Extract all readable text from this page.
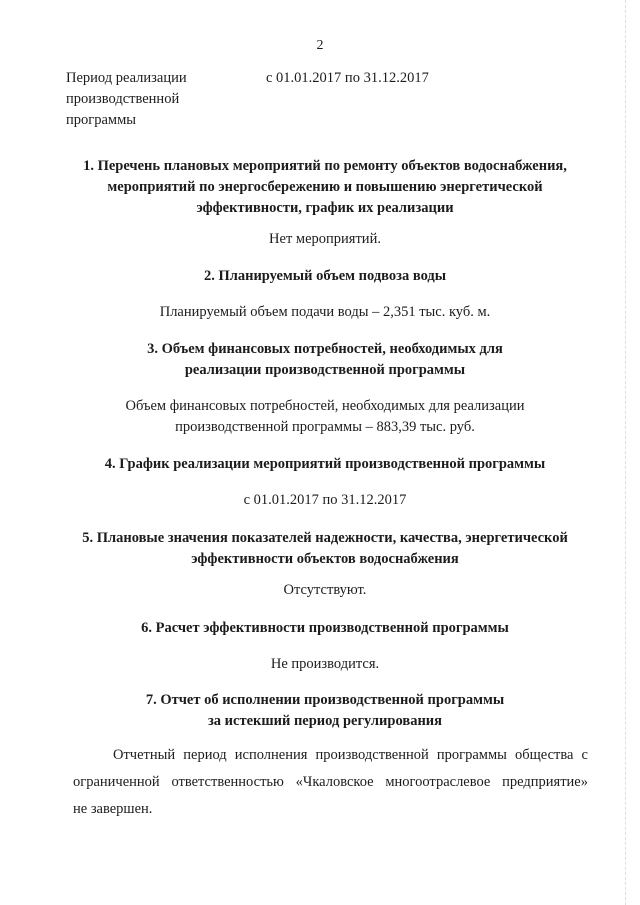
2
Период реализации
производственной
программы
с 01.01.2017 по 31.12.2017
1. Перечень плановых мероприятий по ремонту объектов водоснабжения,
мероприятий по энергосбережению и повышению энергетической
эффективности, график их реализации
Нет мероприятий.
2. Планируемый объем подвоза воды
Планируемый объем подачи воды – 2,351 тыс. куб. м.
3. Объем финансовых потребностей, необходимых для
реализации производственной программы
Объем финансовых потребностей, необходимых для реализации
производственной программы – 883,39 тыс. руб.
4. График реализации мероприятий производственной программы
с 01.01.2017 по 31.12.2017
5. Плановые значения показателей надежности, качества, энергетической
эффективности объектов водоснабжения
Отсутствуют.
6. Расчет эффективности производственной программы
Не производится.
7. Отчет об исполнении производственной программы
за истекший период регулирования
Отчетный период исполнения производственной программы общества с
ограниченной ответственностью «Чкаловское многоотраслевое предприятие»
не завершен.
